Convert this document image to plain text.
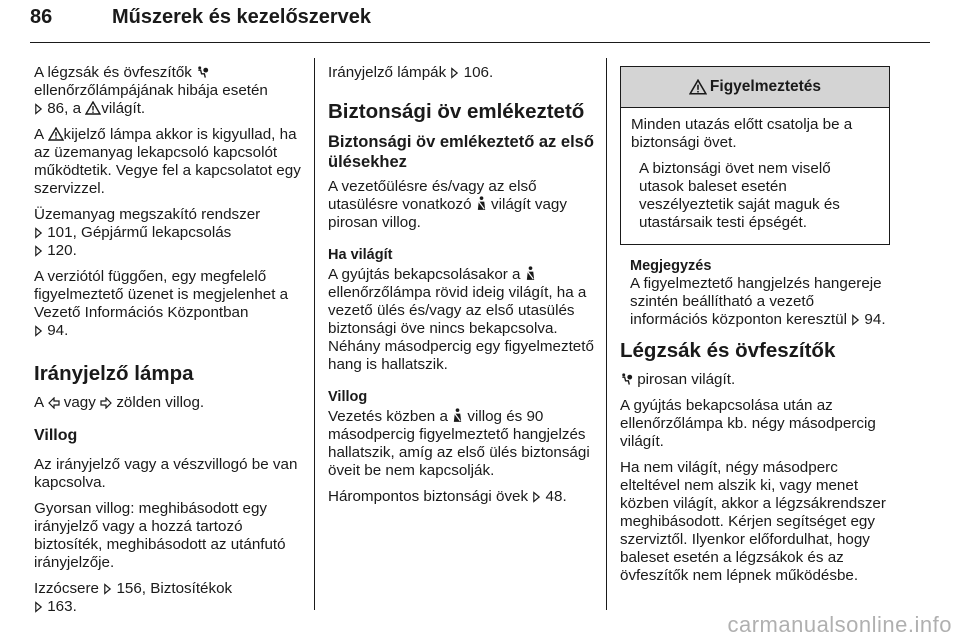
86	Műszerek és kezelőszervek

A légzsák és övfeszítők
ellenőrzőlámpájának hibája esetén
86, a világít.

A kijelző lámpa akkor is kigyullad, ha az üzemanyag lekapcsoló kapcsolót működtetik. Vegye fel a kapcsolatot egy szervizzel.

Üzemanyag megszakító rendszer
101, Gépjármű lekapcsolás
120.

A verziótól függően, egy megfelelő figyelmeztető üzenet is megjelenhet a Vezető Információs Központban
94.

Irányjelző lámpa

A vagy zölden villog.

Villog

Az irányjelző vagy a vészvillogó be van kapcsolva.

Gyorsan villog: meghibásodott egy irányjelző vagy a hozzá tartozó biztosíték, meghibásodott az utánfutó irányjelzője.

Izzócsere 156, Biztosítékok
163.

Irányjelző lámpák 106.

Biztonsági öv emlékeztető
Biztonsági öv emlékeztető az első ülésekhez

A vezetőülésre és/vagy az első utasülésre vonatkozó világít vagy pirosan villog.

Ha világít

A gyújtás bekapcsolásakor a  ellenőrzőlámpa rövid ideig világít, ha a vezető ülés és/vagy az első utasülés biztonsági öve nincs bekapcsolva. Néhány másodpercig egy figyelmeztető hang is hallatszik.

Villog

Vezetés közben a villog és 90 másodpercig figyelmeztető hangjelzés hallatszik, amíg az első ülés biztonsági öveit be nem kapcsolják.

Hárompontos biztonsági övek 48.

Figyelmeztetés

Minden utazás előtt csatolja be a biztonsági övet.

A biztonsági övet nem viselő utasok baleset esetén veszélyeztetik saját maguk és utastársaik testi épségét.

Megjegyzés
A figyelmeztető hangjelzés hangereje szintén beállítható a vezető információs központon keresztül 94.
Légzsák és övfeszítők

pirosan világít.

A gyújtás bekapcsolása után az ellenőrzőlámpa kb. négy másodpercig világít.

Ha nem világít, négy másodperc elteltével nem alszik ki, vagy menet közben világít, akkor a légzsákrendszer meghibásodott. Kérjen segítséget egy szerviztől. Ilyenkor előfordulhat, hogy baleset esetén a légzsákok és az övfeszítők nem lépnek működésbe.

carmanualsonline.info
